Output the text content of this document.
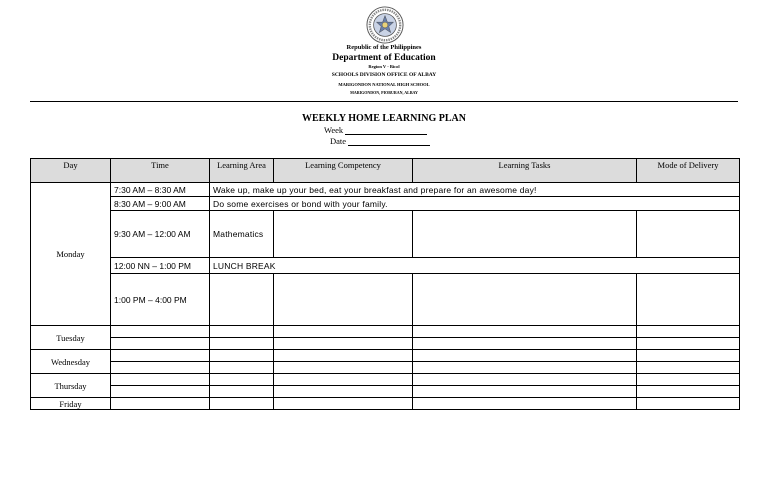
Republic of the Philippines
Department of Education
Region V - Bicol
SCHOOLS DIVISION OFFICE OF ALBAY
MARIGONDON NATIONAL HIGH SCHOOL
MARIGONDON, PIOBURAN, ALBAY
WEEKLY HOME LEARNING PLAN
Week
Date
Day	Time	Learning Area	Learning Competency	Learning Tasks	Mode of Delivery
Monday	7:30 AM – 8:30 AM	Wake up, make up your bed, eat your breakfast and prepare for an awesome day!			
	8:30 AM – 9:00 AM	Do some exercises or bond with your family.			
	9:30 AM – 12:00 AM	Mathematics			
	12:00 NN – 1:00 PM	LUNCH BREAK			
	1:00 PM – 4:00 PM				
Tuesday					

Wednesday					

Thursday					

Friday					
